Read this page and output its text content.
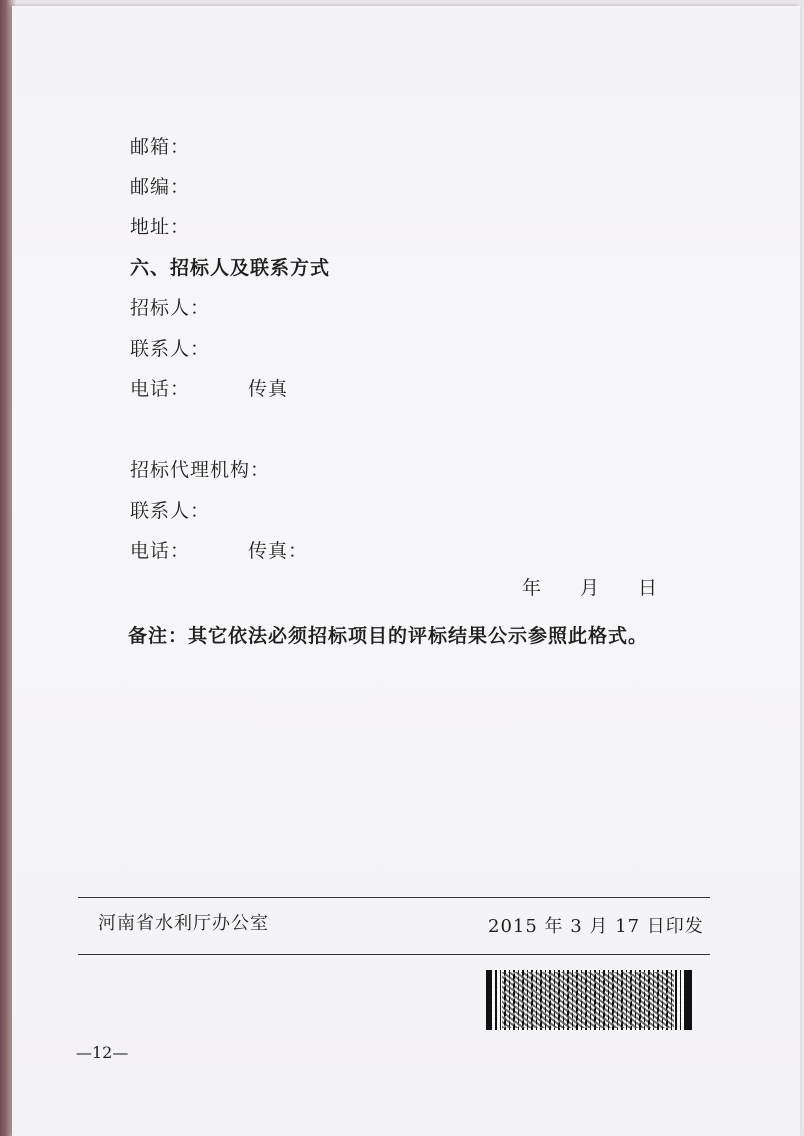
邮箱：
邮编：
地址：
六、招标人及联系方式
招标人：
联系人：
电话：	传真
招标代理机构：
联系人：
电话：	传真：
年 月 日
备注：其它依法必须招标项目的评标结果公示参照此格式。
河南省水利厅办公室	2015 年 3 月 17 日印发
—12—
